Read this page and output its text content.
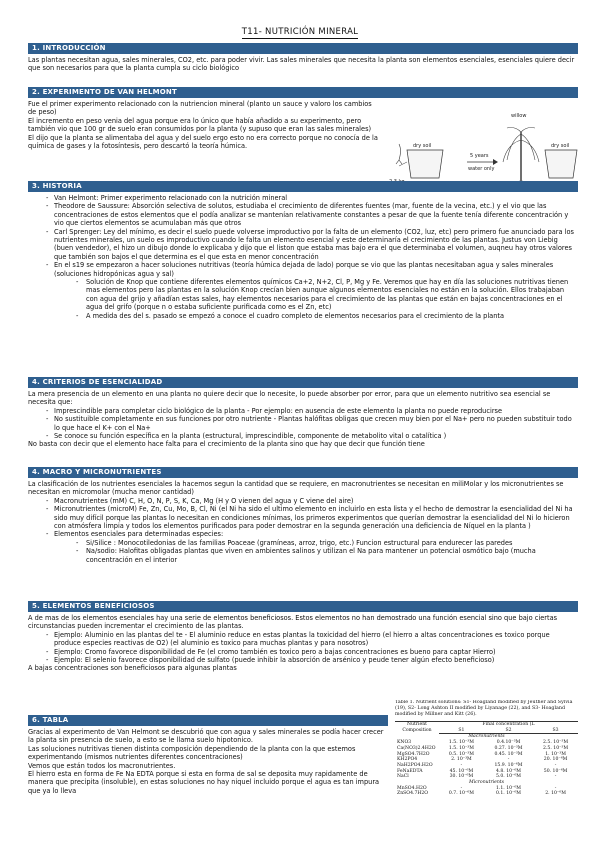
T11- NUTRICIÓN MINERAL
1. INTRODUCCIÓN

Las plantas necesitan agua, sales minerales, CO2, etc. para poder vivir. Las sales minerales que necesita la planta son elementos esenciales, esenciales quiere decir que son necesarios para que la planta cumpla su ciclo biológico

2. EXPERIMENTO DE VAN HELMONT

Fue el primer experimento relacionado con la nutriencion mineral (planto un sauce y valoro los cambios de peso)

El incremento en peso venia del agua porque era lo único que había añadido a su experimento, pero también vio que 100 gr de suelo eran consumidos por la planta (y supuso que eran las sales minerales)

El dijo que la planta se alimentaba del agua y del suelo ergo esto no era correcto porque no conocía de la química de gases y la fotosíntesis, pero descartó la teoría húmica.

willow
dry soil	dry soil
5 years
water only
3. HISTORIA
- Van Helmont: Primer experimento relacionado con la nutrición mineral
- Theodore de Saussure: Absorción selectiva de solutos, estudiaba el crecimiento de diferentes fuentes (mar, fuente de la vecina, etc.) y el vio que las concentraciones de estos elementos que el podía analizar se mantenían relativamente constantes a pesar de que la fuente tenía diferente concentración y vio que ciertos elementos se acumulaban más que otros
- Carl Sprenger: Ley del mínimo, es decir el suelo puede volverse improductivo por la falta de un elemento (CO2, luz, etc) pero primero fue anunciado para los nutrientes minerales, un suelo es improductivo cuando le falta un elemento esencial y este determinaría el crecimiento de las plantas. Justus von Liebig (buen vendedor), el hizo un dibujo donde lo explicaba y dijo que el liston que estaba mas bajo era el que determinaba el volumen, auqneu hay otros valores que también son bajos el que determina es el que esta en menor concentración
- En el s19 se empezaron a hacer soluciones nutritivas (teoría húmica dejada de lado) porque se vio que las plantas necesitaban agua y sales minerales (soluciones hidropónicas agua y sal)
- Solución de Knop que contiene diferentes elementos químicos Ca+2, N+2, Cl, P, Mg y Fe. Veremos que hay en día las soluciones nutritivas tienen mas elementos pero las plantas en la solución Knop crecían bien aunque algunos elementos esenciales no están en la solución. Ellos trabajaban con agua del grijo y añadían estas sales, hay elementos necesarios para el crecimiento de las plantas que están en bajas concentraciones en el agua del grifo (porque n o estaba suficiente purificada como es el Zn, etc)
- A medida des del s. pasado se empezó a conoce el cuadro completo de elementos necesarios para el crecimiento de la planta
4. CRITERIOS DE ESENCIALIDAD

La mera presencia de un elemento en una planta no quiere decir que lo necesite, lo puede absorber por error, para que un elemento nutritivo sea esencial se necesita que:

- Imprescindible para completar ciclo biológico de la planta - Por ejemplo: en ausencia de este elemento la planta no puede reproducirse
- No sustituible completamente en sus funciones por otro nutriente - Plantas halófitas obligas que crecen muy bien por el Na+ pero no pueden substituir todo lo que hace el K+ con el Na+
- Se conoce su función específica en la planta (estructural, imprescindible, componente de metabolito vital o catalítica )

No basta con decir que el elemento hace falta para el crecimiento de la planta sino que hay que decir que función tiene

4. MACRO Y MICRONUTRIENTES

La clasificación de los nutrientes esenciales la hacemos segun la cantidad que se requiere, en macronutrientes se necesitan en miliMolar y los micronutrientes se necesitan en micromolar (mucha menor cantidad)

- Macronutrientes (mM) C, H, O, N, P, S, K, Ca, Mg (H y O vienen del agua y C viene del aire)
- Micronutrientes (microM) Fe, Zn, Cu, Mo, B, Cl, Ni (el Ni ha sido el ultimo elemento en incluirlo en esta lista y el hecho de demostrar la esencialidad del Ni ha sido muy difícil porque las plantas lo necesitan en condiciones mínimas, los primeros experimentos que querían demostrar la esencialidad del Ni lo hicieron con atmósfera limpia y todos los elementos purificados para poder demostrar en la segunda generación una deficiencia de Níquel en la planta )
- Elementos esenciales para determinadas especies:
- Si/Silice : Monocotiledonias de las familias Poaceae (gramíneas, arroz, trigo, etc.) Funcion estructural para endurecer las paredes
- Na/sodio: Halofitas obligadas plantas que viven en ambientes salinos y utilizan el Na para mantener un potencial osmótico bajo (mucha concentración en el interior
5. ELEMENTOS BENEFICIOSOS

A de mas de los elementos esenciales hay una serie de elementos beneficiosos. Estos elementos no han demostrado una función esencial sino que bajo ciertas circunstancias pueden incrementar el crecimiento de las plantas.

- Ejemplo: Aluminio en las plantas del te - El aluminio reduce en estas plantas la toxicidad del hierro (el hierro a altas concentraciones es toxico porque produce especies reactivas de O2) (el aluminio es toxico para muchas plantas y para nosotros)
- Ejemplo: Cromo favorece disponibilidad de Fe (el cromo también es toxico pero a bajas concentraciones es bueno para captar Hierro)
- Ejemplo: El selenio favorece disponibilidad de sulfato (puede inhibir la absorción de arsénico y peude tener algún efecto beneficioso)

A bajas concentraciones son beneficiosos para algunas plantas

6. TABLA

Gracias al experimento de Van Helmont se descubrió que con agua y sales minerales se podía hacer crecer la planta sin presencia de suelo, a esto se le llama suelo hipotonico.

Las soluciones nutritivas tienen distinta composición dependiendo de la planta con la que estemos experimentando (mismos nutrientes diferentes concentraciones)

Vemos que están todos los macronutrientes.

El hierro esta en forma de Fe Na EDTA porque si esta en forma de sal se deposita muy rapidamente de manera que precipita (insoluble), en estas soluciones no hay niquel incluido porque el agua es tan impura que ya lo lleva

Table 1. Nutrient solutions: S1- Hoagland modified by Jeuther and Sylvia (19), S2- Long Ashton II modified by Liyanage (22), and S3- Hoagland modified by Millner and Kitt (26).

Nutrient Composition	Final concentration (L		
	S1	S2	S3
Macronutrients			
KNO3	1.5. 10⁻³M	0.4.10⁻³M	2.5. 10⁻³M
Ca(NO3)2.4H2O	1.5. 10⁻³M	0.27. 10⁻³M	2.5. 10⁻³M
MgSO4.7H2O	0.5. 10⁻³M	0.45. 10⁻³M	1. 10⁻³M
KH2PO4	2. 10⁻³M	-	20. 10⁻⁶M
NaH2PO4.H2O	-	15.9. 10⁻⁶M	-
FeNaEDTA	45. 10⁻⁶M	4.8. 10⁻⁶M	50. 10⁻⁶M
NaCl	30. 10⁻⁶M	5.0. 10⁻⁶M	-
Micronutrients			
MnSO4.H2O	-	1.1. 10⁻⁶M	-
ZnSO4.7H2O	0.7. 10⁻⁶M	0.1. 10⁻⁶M	2. 10⁻⁶M
